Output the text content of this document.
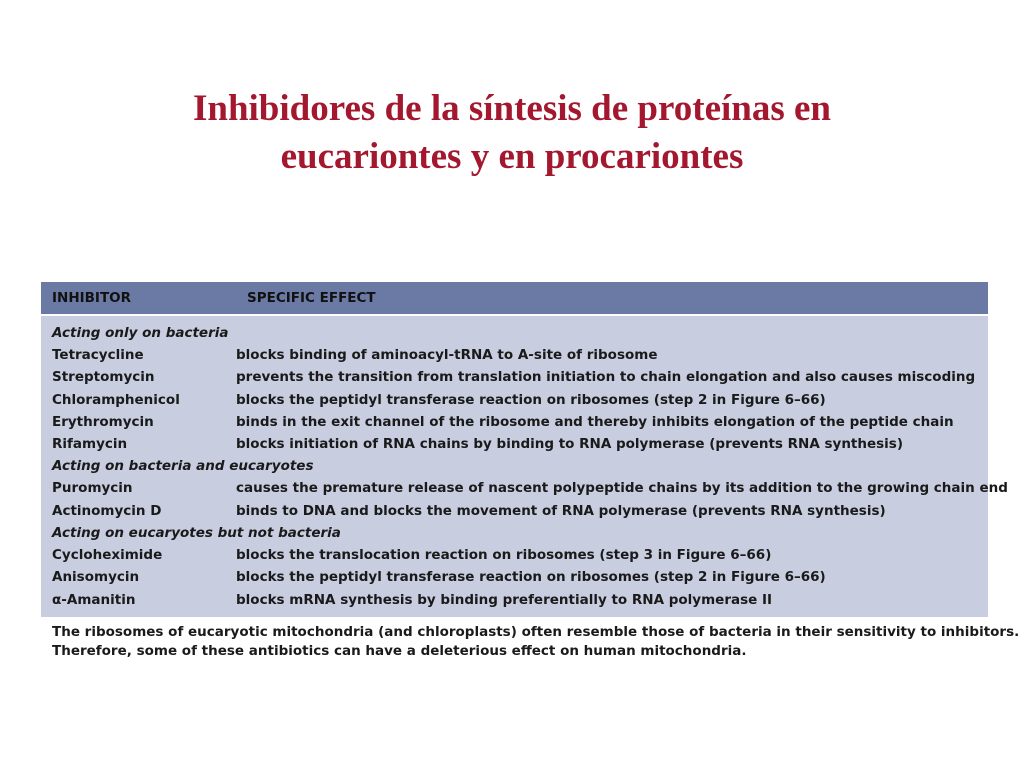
Inhibidores de la síntesis de proteínas en
eucariontes y en procariontes
INHIBITOR	SPECIFIC EFFECT
Acting only on bacteria
Tetracycline	blocks binding of aminoacyl-tRNA to A-site of ribosome
Streptomycin	prevents the transition from translation initiation to chain elongation and also causes miscoding
Chloramphenicol	blocks the peptidyl transferase reaction on ribosomes (step 2 in Figure 6–66)
Erythromycin	binds in the exit channel of the ribosome and thereby inhibits elongation of the peptide chain
Rifamycin	blocks initiation of RNA chains by binding to RNA polymerase (prevents RNA synthesis)
Acting on bacteria and eucaryotes
Puromycin	causes the premature release of nascent polypeptide chains by its addition to the growing chain end
Actinomycin D	binds to DNA and blocks the movement of RNA polymerase (prevents RNA synthesis)
Acting on eucaryotes but not bacteria
Cycloheximide	blocks the translocation reaction on ribosomes (step 3 in Figure 6–66)
Anisomycin	blocks the peptidyl transferase reaction on ribosomes (step 2 in Figure 6–66)
α-Amanitin	blocks mRNA synthesis by binding preferentially to RNA polymerase II
The ribosomes of eucaryotic mitochondria (and chloroplasts) often resemble those of bacteria in their sensitivity to inhibitors.
Therefore, some of these antibiotics can have a deleterious effect on human mitochondria.
